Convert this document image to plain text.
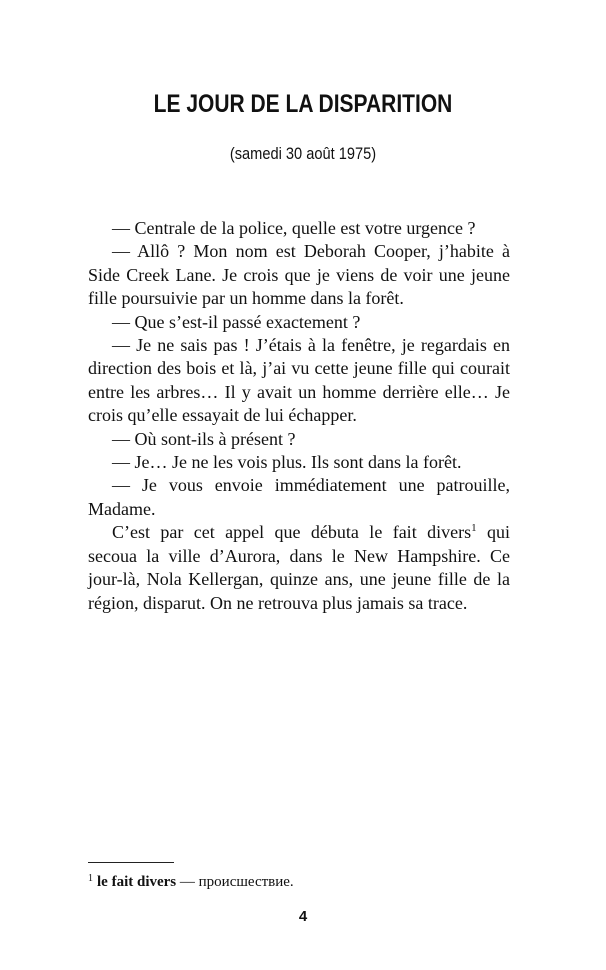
LE JOUR DE LA DISPARITION
(samedi 30 août 1975)

— Centrale de la police, quelle est votre urgence ?

— Allô ? Mon nom est Deborah Cooper, j’habite à Side Creek Lane. Je crois que je viens de voir une jeune fille poursuivie par un homme dans la forêt.

— Que s’est-il passé exactement ?

— Je ne sais pas ! J’étais à la fenêtre, je regardais en direction des bois et là, j’ai vu cette jeune fille qui courait entre les arbres… Il y avait un homme derrière elle… Je crois qu’elle essayait de lui échapper.

— Où sont-ils à présent ?

— Je… Je ne les vois plus. Ils sont dans la forêt.

— Je vous envoie immédiatement une patrouille, Madame.

C’est par cet appel que débuta le fait divers$^1$ qui secoua la ville d’Aurora, dans le New Hampshire. Ce jour-là, Nola Kellergan, quinze ans, une jeune fille de la région, disparut. On ne retrouva plus jamais sa trace.

$^1$ le fait divers — происшествие.
4
